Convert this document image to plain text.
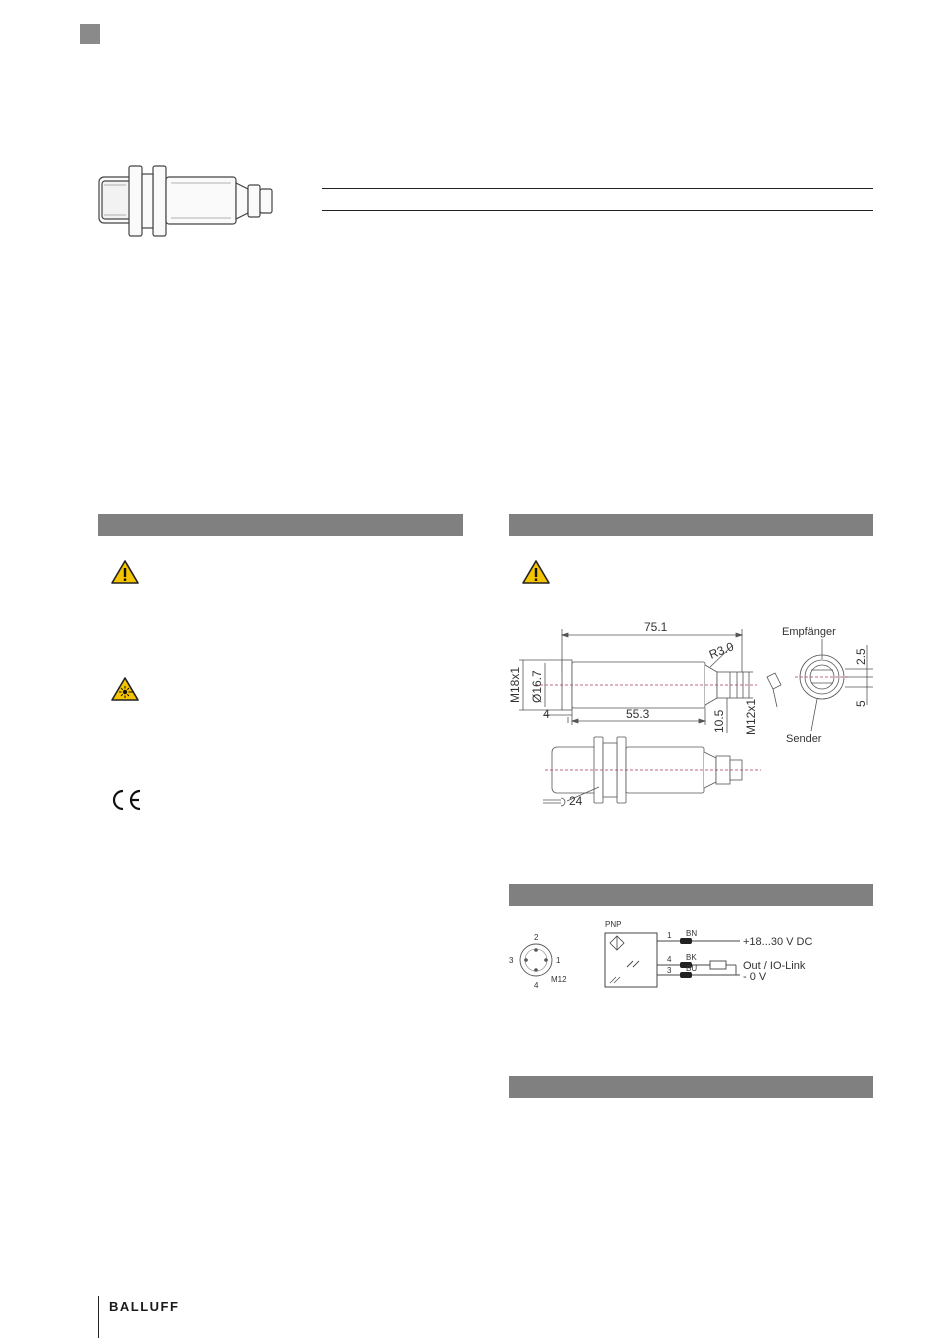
75.1
R3.0
M18x1 Ø16.7
4	55.3	10.5 M12x1
2.5
5
24
Empfänger
Sender
2
3	1
4
M12
PNP
1
4
3
BN
BK
BU
+18...30 V DC
Out / IO-Link
- 0 V
BALLUFF
